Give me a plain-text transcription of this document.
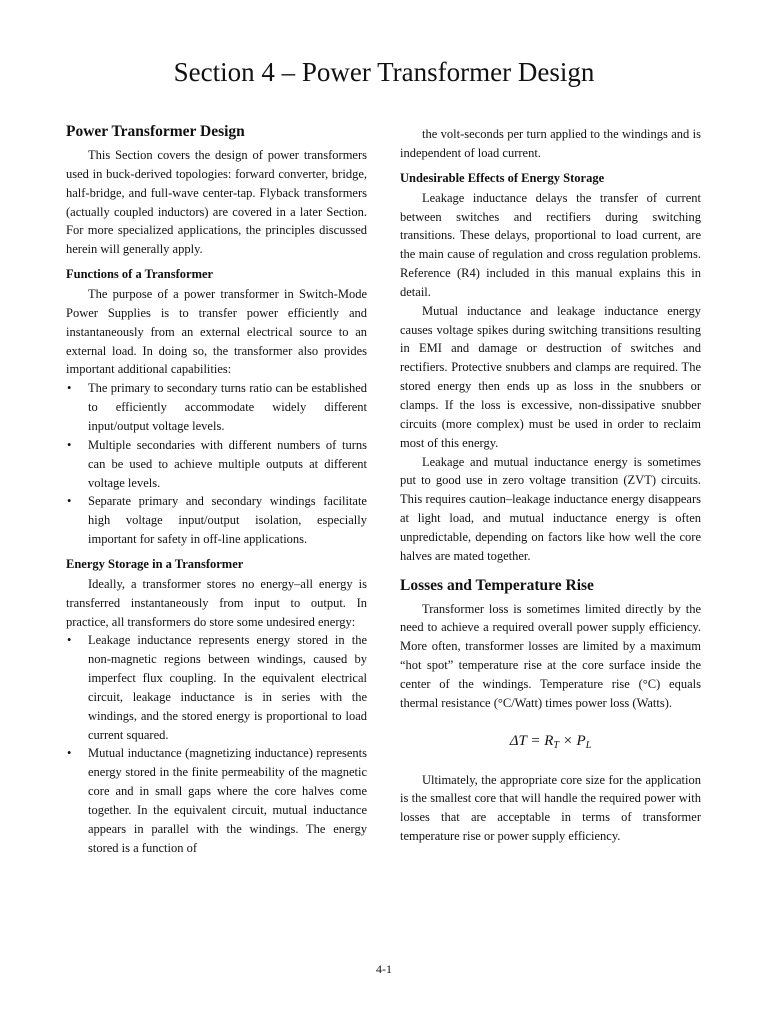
Section 4 – Power Transformer Design
Power Transformer Design

This Section covers the design of power transformers used in buck-derived topologies: forward converter, bridge, half-bridge, and full-wave center-tap. Flyback transformers (actually coupled inductors) are covered in a later Section. For more specialized applications, the principles discussed herein will generally apply.

Functions of a Transformer

The purpose of a power transformer in Switch-Mode Power Supplies is to transfer power efficiently and instantaneously from an external electrical source to an external load. In doing so, the transformer also provides important additional capabilities:

• The primary to secondary turns ratio can be established to efficiently accommodate widely different input/output voltage levels.
• Multiple secondaries with different numbers of turns can be used to achieve multiple outputs at different voltage levels.
• Separate primary and secondary windings facilitate high voltage input/output isolation, especially important for safety in off-line applications.
Energy Storage in a Transformer

Ideally, a transformer stores no energy–all energy is transferred instantaneously from input to output. In practice, all transformers do store some undesired energy:

• Leakage inductance represents energy stored in the non-magnetic regions between windings, caused by imperfect flux coupling. In the equivalent electrical circuit, leakage inductance is in series with the windings, and the stored energy is proportional to load current squared.
• Mutual inductance (magnetizing inductance) represents energy stored in the finite permeability of the magnetic core and in small gaps where the core halves come together. In the equivalent circuit, mutual inductance appears in parallel with the windings. The energy stored is a function of

the volt-seconds per turn applied to the windings and is independent of load current.

Undesirable Effects of Energy Storage

Leakage inductance delays the transfer of current between switches and rectifiers during switching transitions. These delays, proportional to load current, are the main cause of regulation and cross regulation problems. Reference (R4) included in this manual explains this in detail.

Mutual inductance and leakage inductance energy causes voltage spikes during switching transitions resulting in EMI and damage or destruction of switches and rectifiers. Protective snubbers and clamps are required. The stored energy then ends up as loss in the snubbers or clamps. If the loss is excessive, non-dissipative snubber circuits (more complex) must be used in order to reclaim most of this energy.

Leakage and mutual inductance energy is sometimes put to good use in zero voltage transition (ZVT) circuits. This requires caution–leakage inductance energy disappears at light load, and mutual inductance energy is often unpredictable, depending on factors like how well the core halves are mated together.

Losses and Temperature Rise

Transformer loss is sometimes limited directly by the need to achieve a required overall power supply efficiency. More often, transformer losses are limited by a maximum “hot spot” temperature rise at the core surface inside the center of the windings. Temperature rise (°C) equals thermal resistance (°C/Watt) times power loss (Watts).

$\Delta T = R_T \times P_L$

Ultimately, the appropriate core size for the application is the smallest core that will handle the required power with losses that are acceptable in terms of transformer temperature rise or power supply efficiency.

4-1
